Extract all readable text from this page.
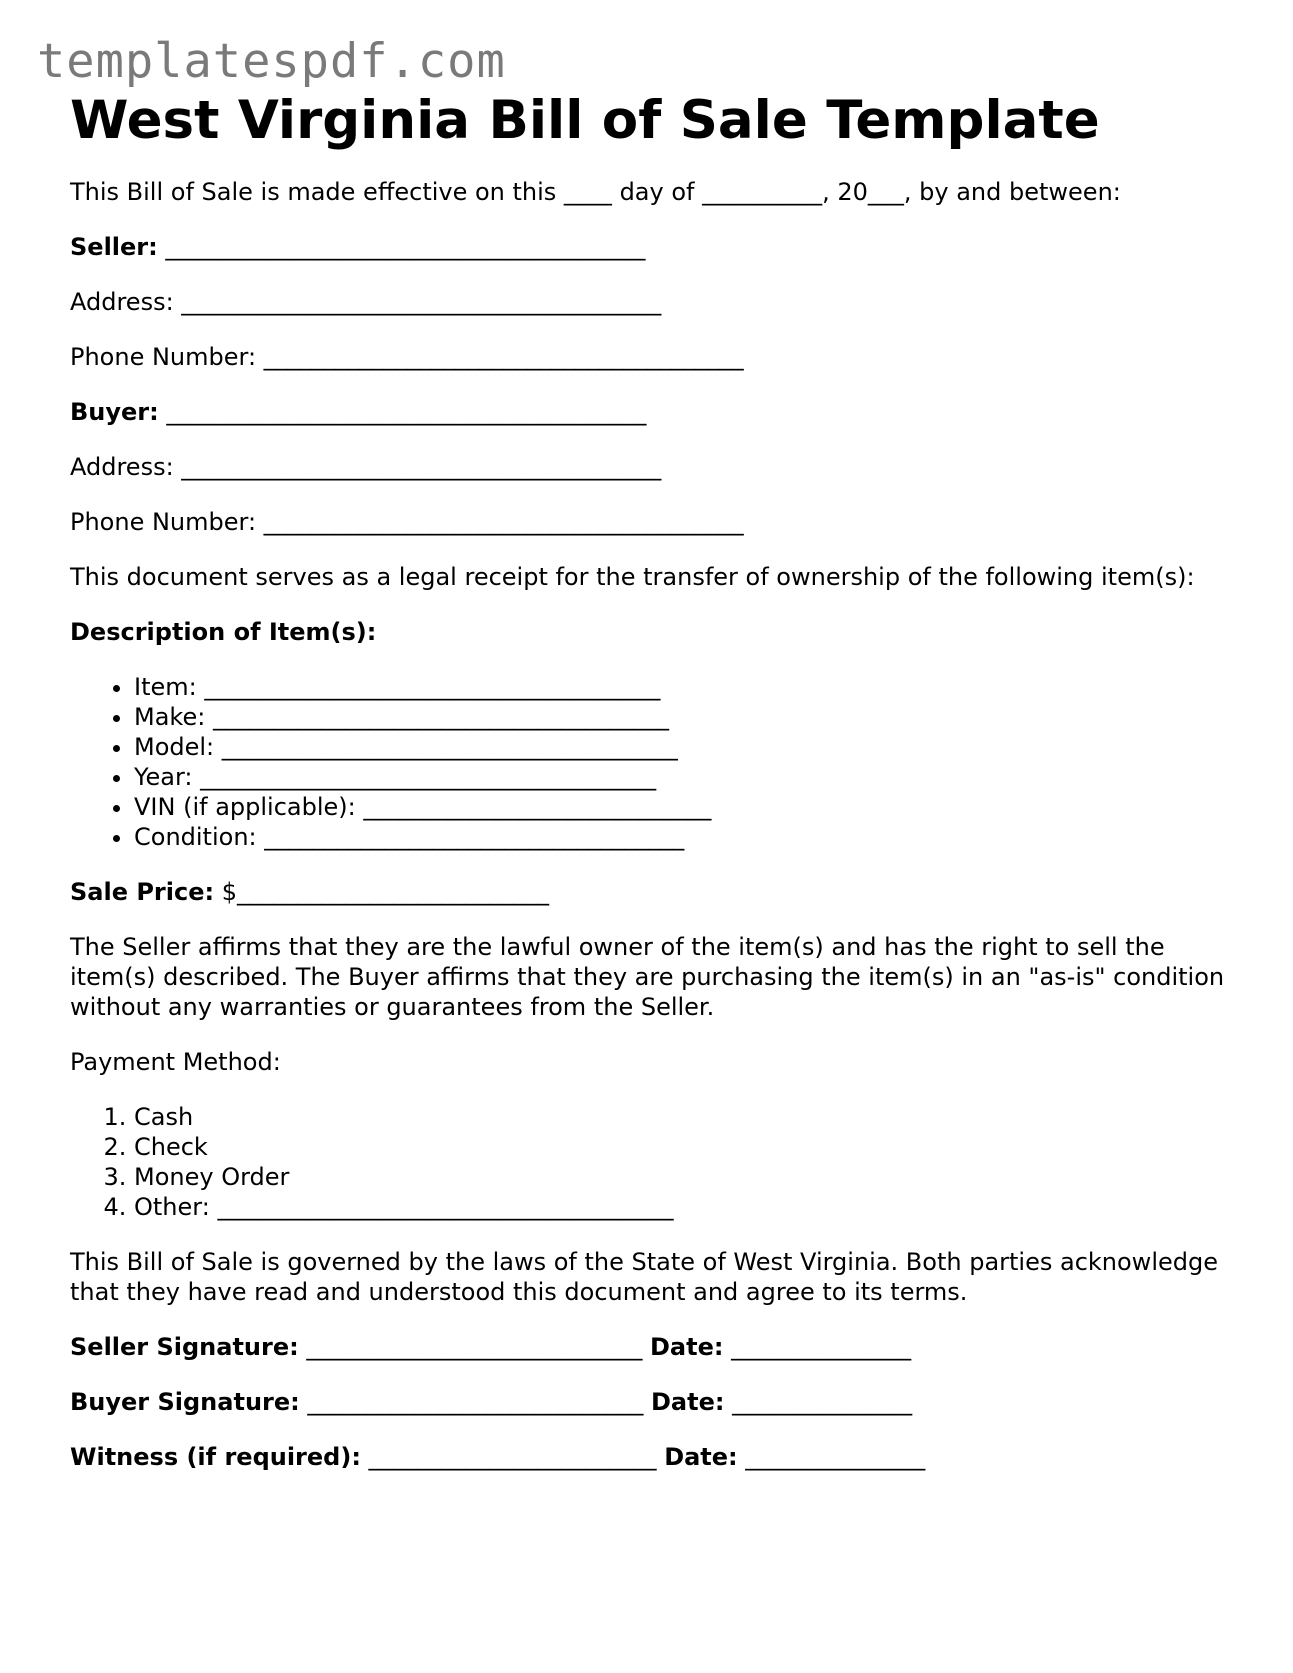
templatespdf.com
West Virginia Bill of Sale Template

This Bill of Sale is made effective on this ____ day of __________, 20___, by and between:

Seller: ________________________________________

Address: ________________________________________

Phone Number: ________________________________________

Buyer: ________________________________________

Address: ________________________________________

Phone Number: ________________________________________

This document serves as a legal receipt for the transfer of ownership of the following item(s):

Description of Item(s):

• Item: ______________________________________
• Make: ______________________________________
• Model: ______________________________________
• Year: ______________________________________
• VIN (if applicable): _____________________________
• Condition: ___________________________________

Sale Price: $__________________________

The Seller affirms that they are the lawful owner of the item(s) and has the right to sell the item(s) described. The Buyer affirms that they are purchasing the item(s) in an "as-is" condition without any warranties or guarantees from the Seller.

Payment Method:

1. Cash
2. Check
3. Money Order
4. Other: ______________________________________

This Bill of Sale is governed by the laws of the State of West Virginia. Both parties acknowledge that they have read and understood this document and agree to its terms.

Seller Signature: ____________________________ Date: _______________

Buyer Signature: ____________________________ Date: _______________

Witness (if required): ________________________ Date: _______________
